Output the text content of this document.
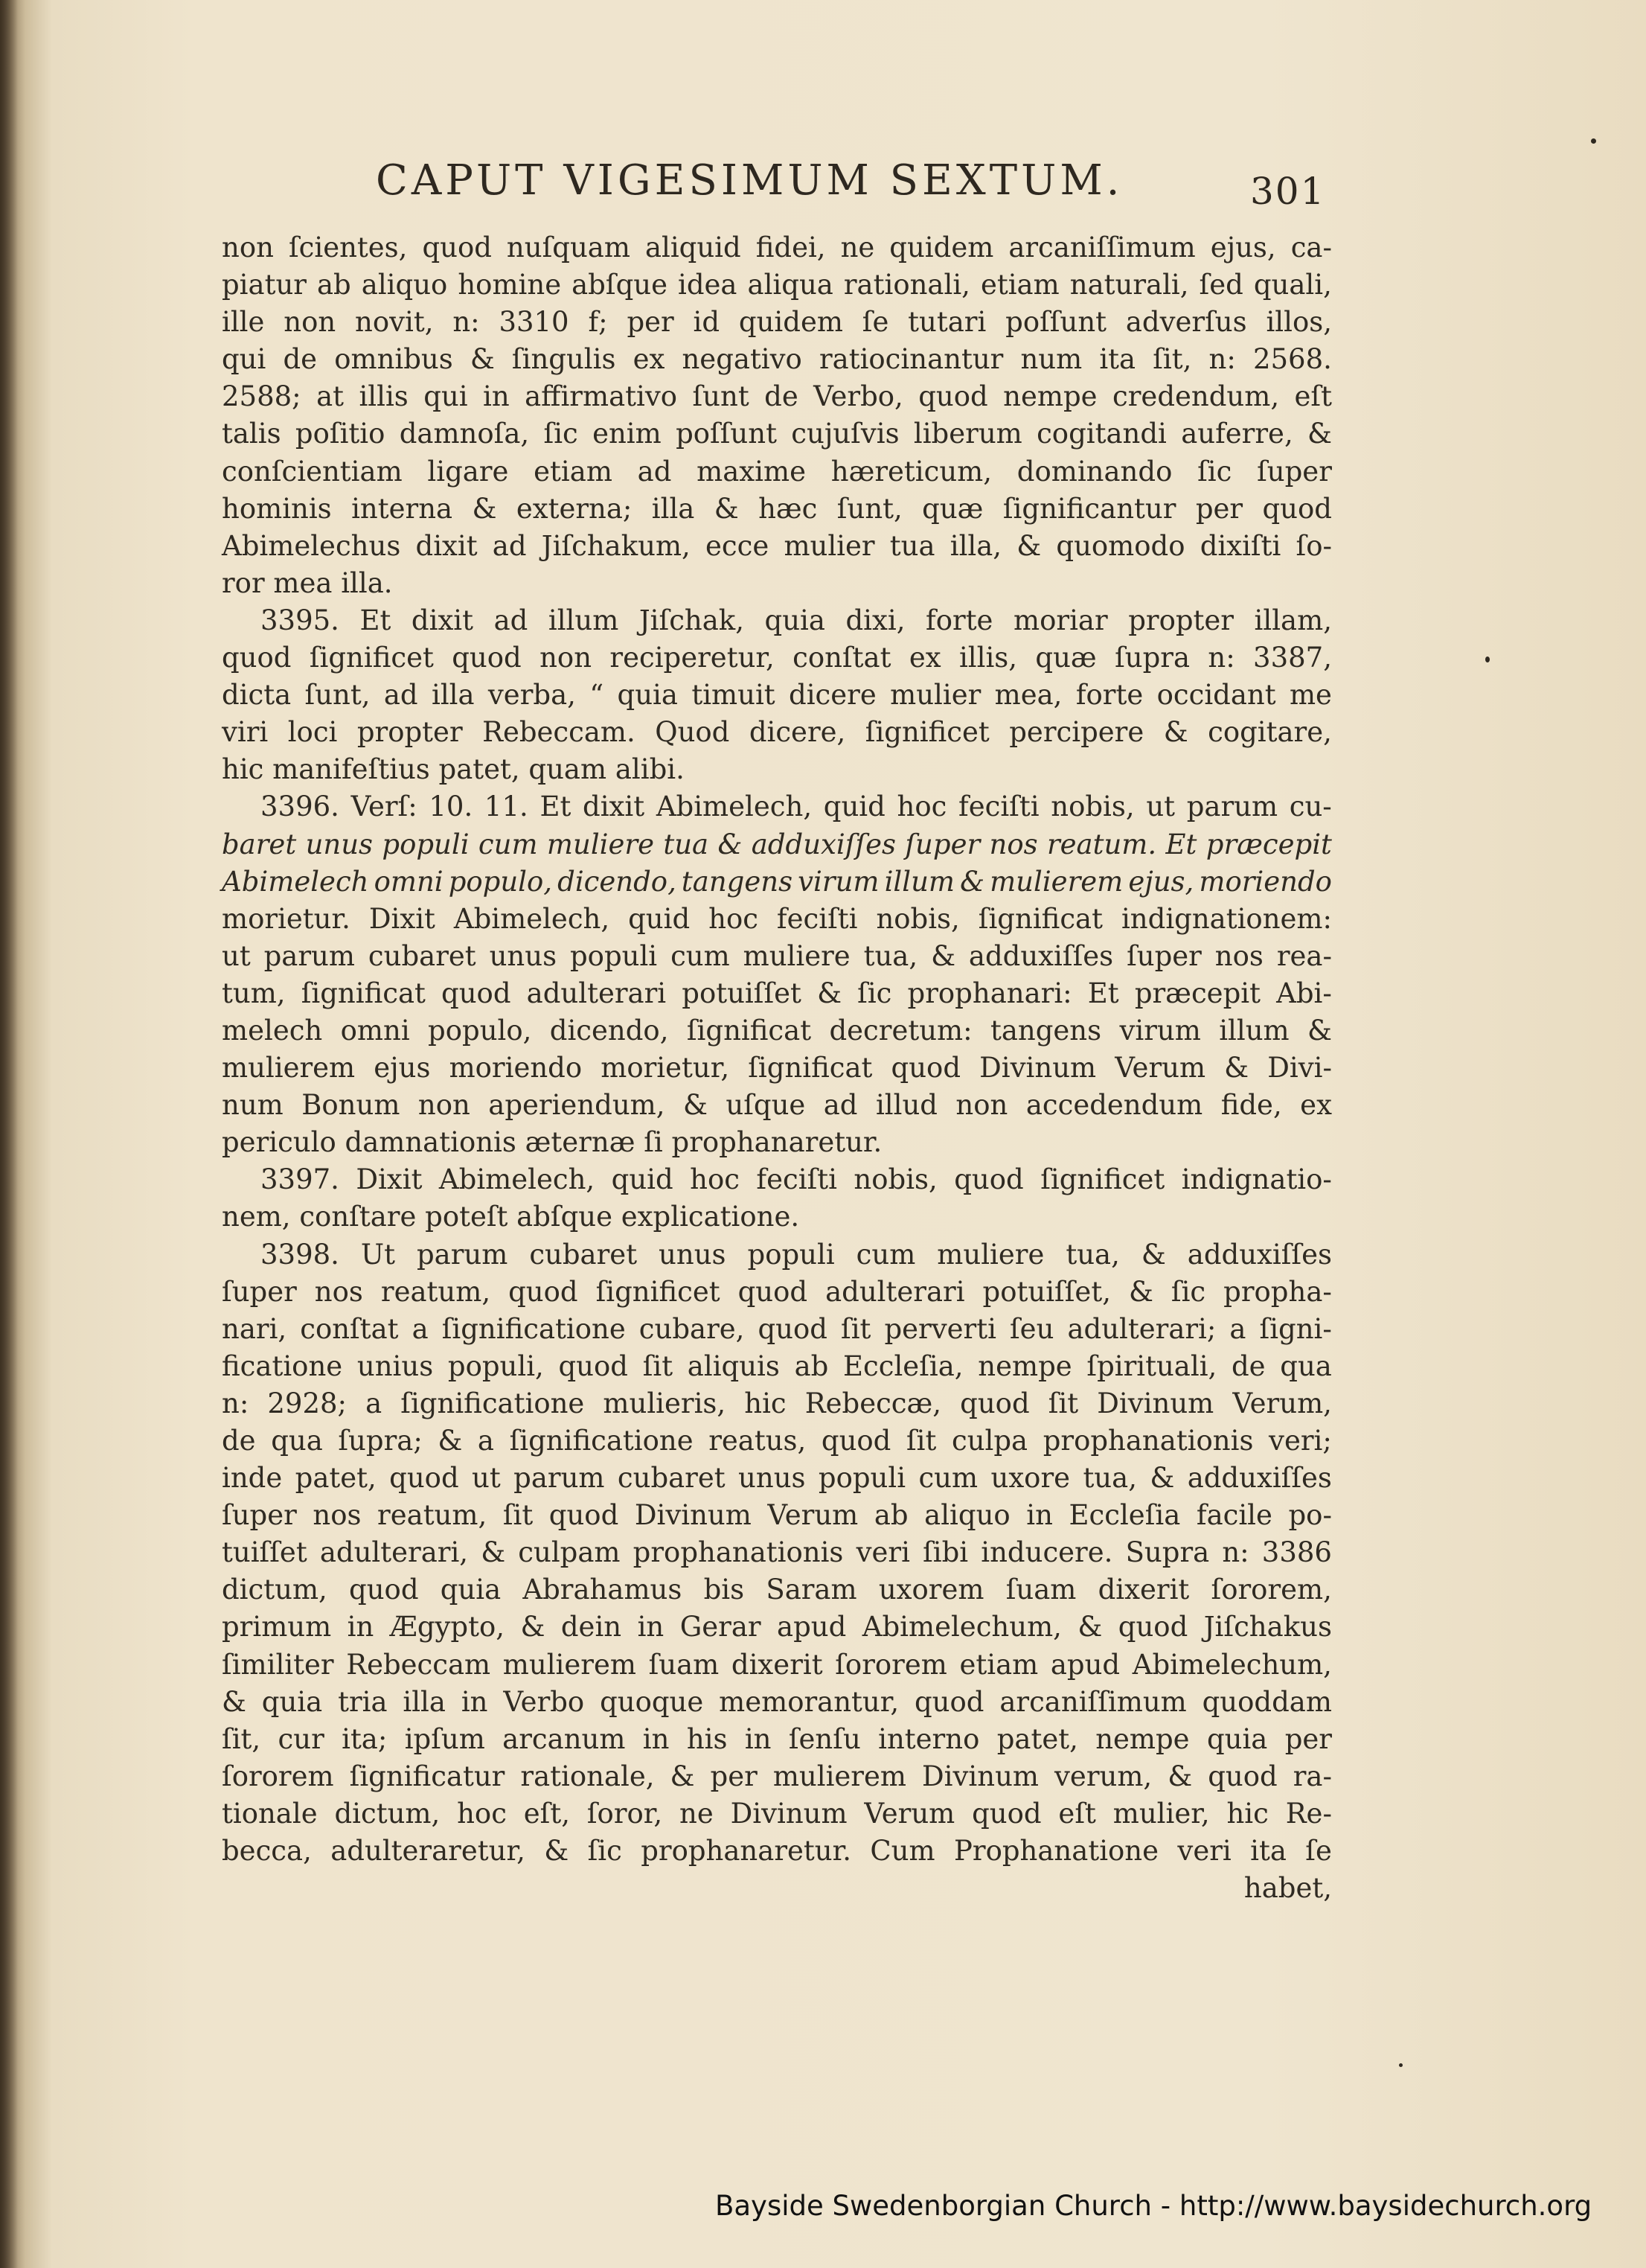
CAPUT VIGESIMUM SEXTUM.	301
non ſcientes, quod nuſquam aliquid fidei, ne quidem arcaniſſimum ejus, ca-
piatur ab aliquo homine abſque idea aliqua rationali, etiam naturali, ſed quali,
ille non novit, n: 3310 f; per id quidem ſe tutari poſſunt adverſus illos,
qui de omnibus & ſingulis ex negativo ratiocinantur num ita ſit, n: 2568.
2588; at illis qui in affirmativo ſunt de Verbo, quod nempe credendum, eſt
talis poſitio damnoſa, ſic enim poſſunt cujuſvis liberum cogitandi auferre, &
conſcientiam ligare etiam ad maxime hæreticum, dominando ſic ſuper
hominis interna & externa; illa & hæc ſunt, quæ ſignificantur per quod
Abimelechus dixit ad Jiſchakum, ecce mulier tua illa, & quomodo dixiſti ſo-
ror mea illa.
3395. Et dixit ad illum Jiſchak, quia dixi, forte moriar propter illam,
quod ſignificet quod non reciperetur, conſtat ex illis, quæ ſupra n: 3387,
dicta ſunt, ad illa verba, “ quia timuit dicere mulier mea, forte occidant me
viri loci propter Rebeccam. Quod dicere, ſignificet percipere & cogitare,
hic manifeſtius patet, quam alibi.
3396. Verſ: 10. 11. Et dixit Abimelech, quid hoc feciſti nobis, ut parum cu-
baret unus populi cum muliere tua & adduxiſſes ſuper nos reatum. Et præcepit
Abimelech omni populo, dicendo, tangens virum illum & mulierem ejus, moriendo
morietur. Dixit Abimelech, quid hoc feciſti nobis, ſignificat indignationem:
ut parum cubaret unus populi cum muliere tua, & adduxiſſes ſuper nos rea-
tum, ſignificat quod adulterari potuiſſet & ſic prophanari: Et præcepit Abi-
melech omni populo, dicendo, ſignificat decretum: tangens virum illum &
mulierem ejus moriendo morietur, ſignificat quod Divinum Verum & Divi-
num Bonum non aperiendum, & uſque ad illud non accedendum fide, ex
periculo damnationis æternæ ſi prophanaretur.
3397. Dixit Abimelech, quid hoc feciſti nobis, quod ſignificet indignatio-
nem, conſtare poteſt abſque explicatione.
3398. Ut parum cubaret unus populi cum muliere tua, & adduxiſſes
ſuper nos reatum, quod ſignificet quod adulterari potuiſſet, & ſic propha-
nari, conſtat a ſignificatione cubare, quod ſit perverti ſeu adulterari; a ſigni-
ficatione unius populi, quod ſit aliquis ab Eccleſia, nempe ſpirituali, de qua
n: 2928; a ſignificatione mulieris, hic Rebeccæ, quod ſit Divinum Verum,
de qua ſupra; & a ſignificatione reatus, quod ſit culpa prophanationis veri;
inde patet, quod ut parum cubaret unus populi cum uxore tua, & adduxiſſes
ſuper nos reatum, ſit quod Divinum Verum ab aliquo in Eccleſia facile po-
tuiſſet adulterari, & culpam prophanationis veri ſibi inducere. Supra n: 3386
dictum, quod quia Abrahamus bis Saram uxorem ſuam dixerit ſororem,
primum in Ægypto, & dein in Gerar apud Abimelechum, & quod Jiſchakus
ſimiliter Rebeccam mulierem ſuam dixerit ſororem etiam apud Abimelechum,
& quia tria illa in Verbo quoque memorantur, quod arcaniſſimum quoddam
ſit, cur ita; ipſum arcanum in his in ſenſu interno patet, nempe quia per
ſororem ſignificatur rationale, & per mulierem Divinum verum, & quod ra-
tionale dictum, hoc eſt, ſoror, ne Divinum Verum quod eſt mulier, hic Re-
becca, adulteraretur, & ſic prophanaretur. Cum Prophanatione veri ita ſe
habet,
Bayside Swedenborgian Church - http://www.baysidechurch.org
